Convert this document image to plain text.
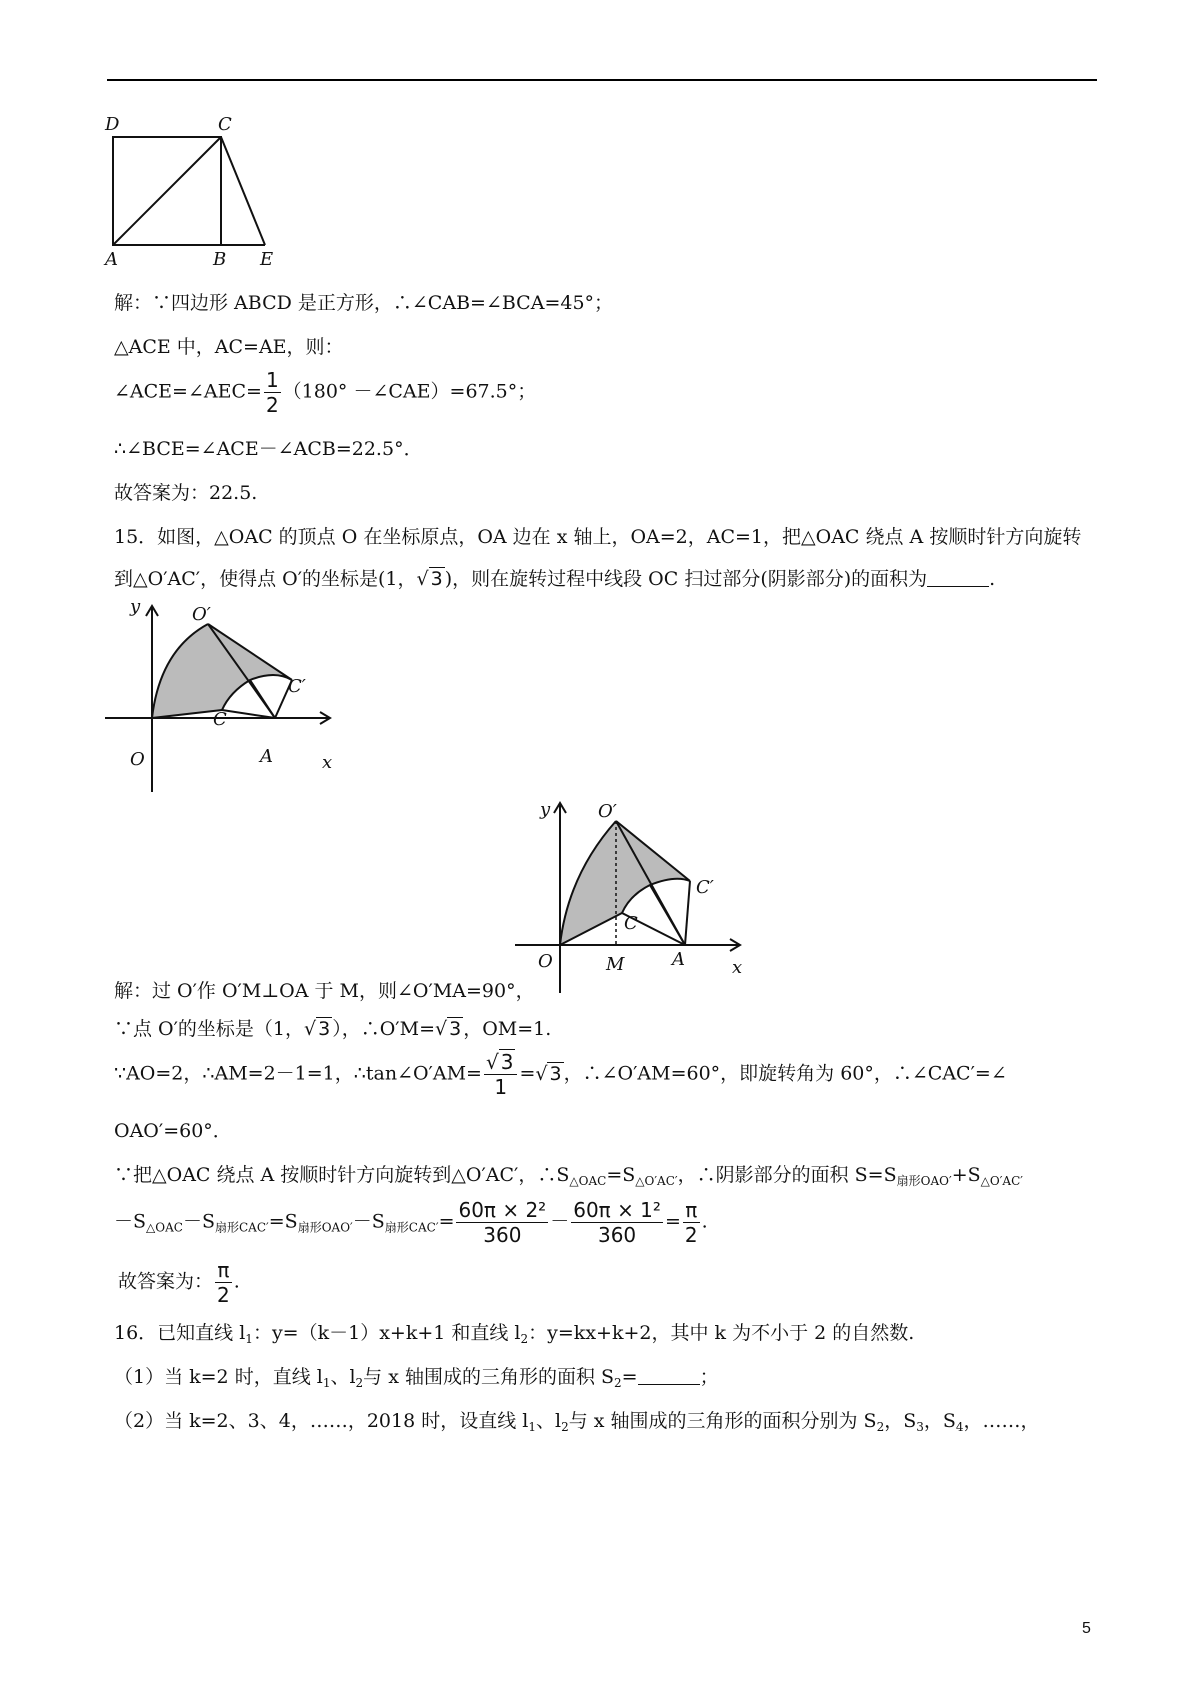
D	C
A	B E
解：∵四边形 ABCD 是正方形，∴∠CAB=∠BCA=45°；
△ACE 中，AC=AE，则：
∠ACE=∠AEC= $\frac{1}{2} (180^\circ$ －∠CAE）=67.5°；
∴∠BCE=∠ACE－∠ACB=22.5°．
故答案为：22.5.
15．如图，△OAC 的顶点 O 在坐标原点，OA 边在 x 轴上，OA=2，AC=1，把△OAC 绕点 A 按顺时针方向旋转
到△O′AC′，使得点 O′的坐标是(1，√ 3 )，则在旋转过程中线段 OC 扫过部分(阴影部分)的面积为	.
y	O′
C′
C
O	A	x
y	O′
C′
C
O	M	A	x
解：过 O′作 O′M⊥OA 于 M，则∠O′MA=90°，
∵点 O′的坐标是（1，√ 3 ），∴O′M=√ 3 ，OM=1.
∵AO=2，∴AM=2－1=1，∴tan∠O′AM= $\frac{√ 3}{1}$ =√ 3 ，∴∠O′AM=60°，即旋转角为 60°，∴∠CAC′=∠
OAO′=60°．
∵把△OAC 绕点 A 按顺时针方向旋转到△O′AC′，$\therefore S_{\triangle OAC}=S_{\triangle O'AC'}$，∴阴影部分的面积 $S=S_{扇形OAO'}+S_{\triangle O'AC'}$
$-S_{\triangle OAC}-S_{扇形CAC'}=S_{扇形OAO'}-S_{扇形CAC'}= \frac{\text{60π × 2²}}{360} - \frac{\text{60π × 1²}}{360} = \frac{\pi}{2}$ .
故答案为： $\frac{\pi}{2}$ .
16．已知直线 $l_1$：y=（k－1）x+k+1 和直线 $l_2$：y=kx+k+2，其中 k 为不小于 2 的自然数.
（1）当 k=2 时，直线 $l_1$、$l_2$与 x 轴围成的三角形的面积 $S_2=$	；
（2）当 k=2、3、4，……，2018 时，设直线 $l_1$、$l_2$与 x 轴围成的三角形的面积分别为 $S_2$，$S_3$，$S_4$，……，
5
